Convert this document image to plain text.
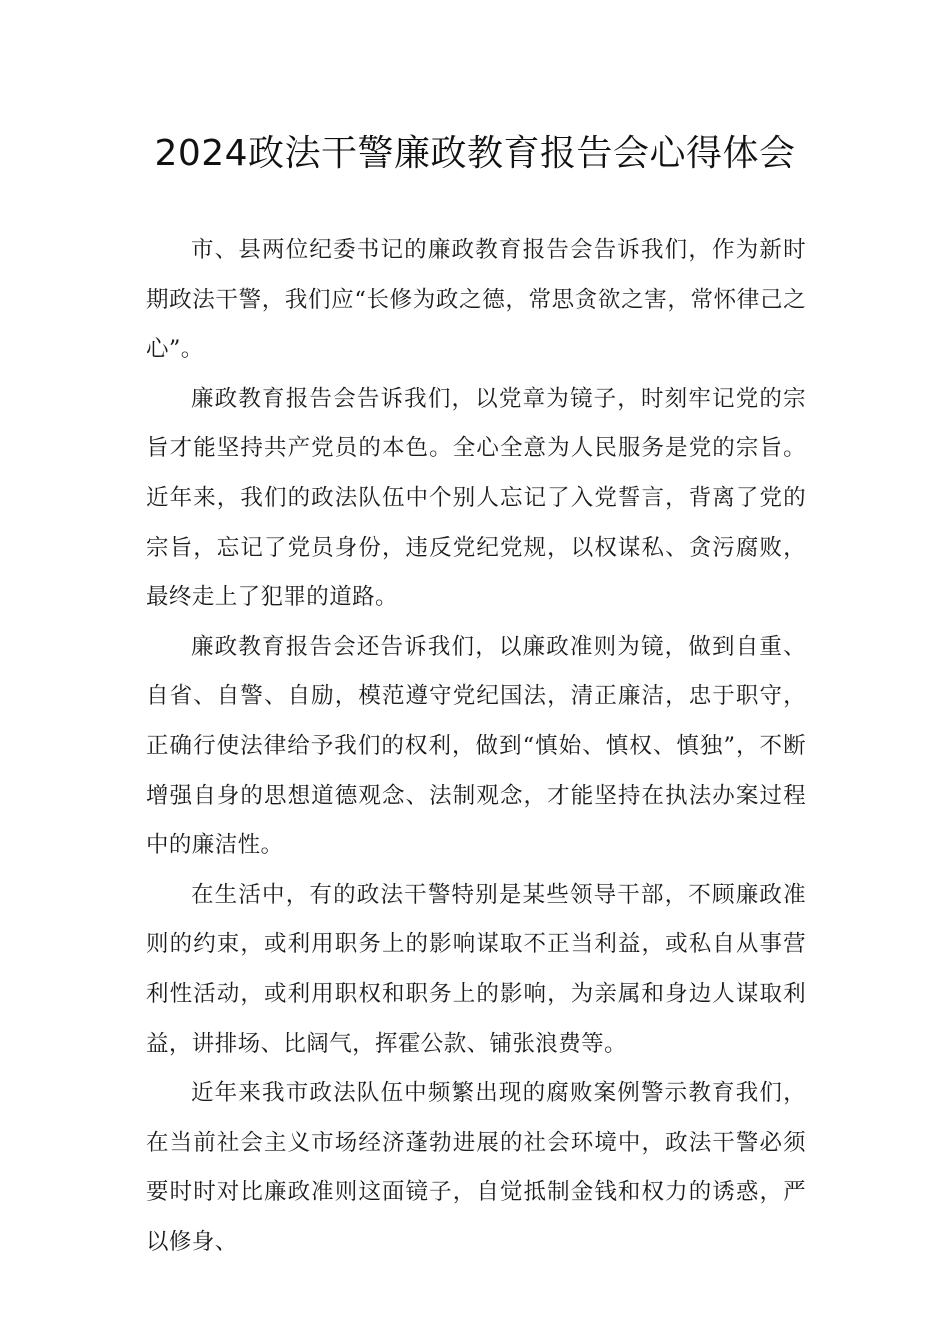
2024政法干警廉政教育报告会心得体会

市、县两位纪委书记的廉政教育报告会告诉我们，作为新时期政法干警，我们应“长修为政之德，常思贪欲之害，常怀律己之心”。

廉政教育报告会告诉我们，以党章为镜子，时刻牢记党的宗旨才能坚持共产党员的本色。全心全意为人民服务是党的宗旨。近年来，我们的政法队伍中个别人忘记了入党誓言，背离了党的宗旨，忘记了党员身份，违反党纪党规，以权谋私、贪污腐败，最终走上了犯罪的道路。

廉政教育报告会还告诉我们，以廉政准则为镜，做到自重、自省、自警、自励，模范遵守党纪国法，清正廉洁，忠于职守，正确行使法律给予我们的权利，做到“慎始、慎权、慎独”，不断增强自身的思想道德观念、法制观念，才能坚持在执法办案过程中的廉洁性。

在生活中，有的政法干警特别是某些领导干部，不顾廉政准则的约束，或利用职务上的影响谋取不正当利益，或私自从事营利性活动，或利用职权和职务上的影响，为亲属和身边人谋取利益，讲排场、比阔气，挥霍公款、铺张浪费等。

近年来我市政法队伍中频繁出现的腐败案例警示教育我们，在当前社会主义市场经济蓬勃进展的社会环境中，政法干警必须要时时对比廉政准则这面镜子，自觉抵制金钱和权力的诱惑，严以修身、
